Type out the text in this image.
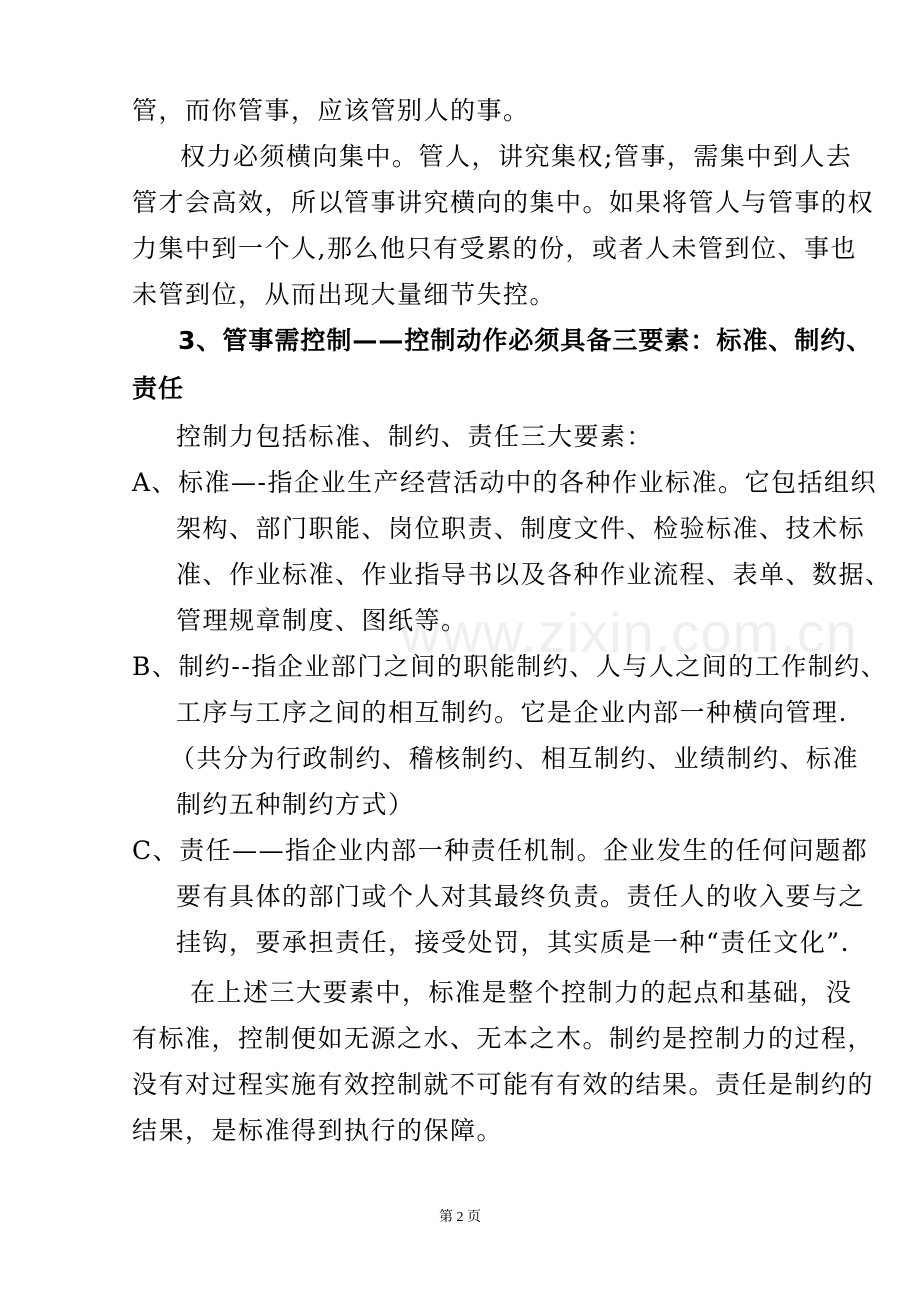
管，而你管事，应该管别人的事。
权力必须横向集中。管人，讲究集权;管事，需集中到人去
管才会高效，所以管事讲究横向的集中。如果将管人与管事的权
力集中到一个人,那么他只有受累的份，或者人未管到位、事也
未管到位，从而出现大量细节失控。
3、管事需控制——控制动作必须具备三要素：标准、制约、
责任
控制力包括标准、制约、责任三大要素：
A、标准—-指企业生产经营活动中的各种作业标准。它包括组织
架构、部门职能、岗位职责、制度文件、检验标准、技术标
准、作业标准、作业指导书以及各种作业流程、表单、数据、
管理规章制度、图纸等。
B、制约--指企业部门之间的职能制约、人与人之间的工作制约、
工序与工序之间的相互制约。它是企业内部一种横向管理.
（共分为行政制约、稽核制约、相互制约、业绩制约、标准
制约五种制约方式）
C、责任——指企业内部一种责任机制。企业发生的任何问题都
要有具体的部门或个人对其最终负责。责任人的收入要与之
挂钩，要承担责任，接受处罚，其实质是一种“责任文化”.
在上述三大要素中，标准是整个控制力的起点和基础，没
有标准，控制便如无源之水、无本之木。制约是控制力的过程，
没有对过程实施有效控制就不可能有有效的结果。责任是制约的
结果，是标准得到执行的保障。
www.zixin.com.cn
第 2 页
